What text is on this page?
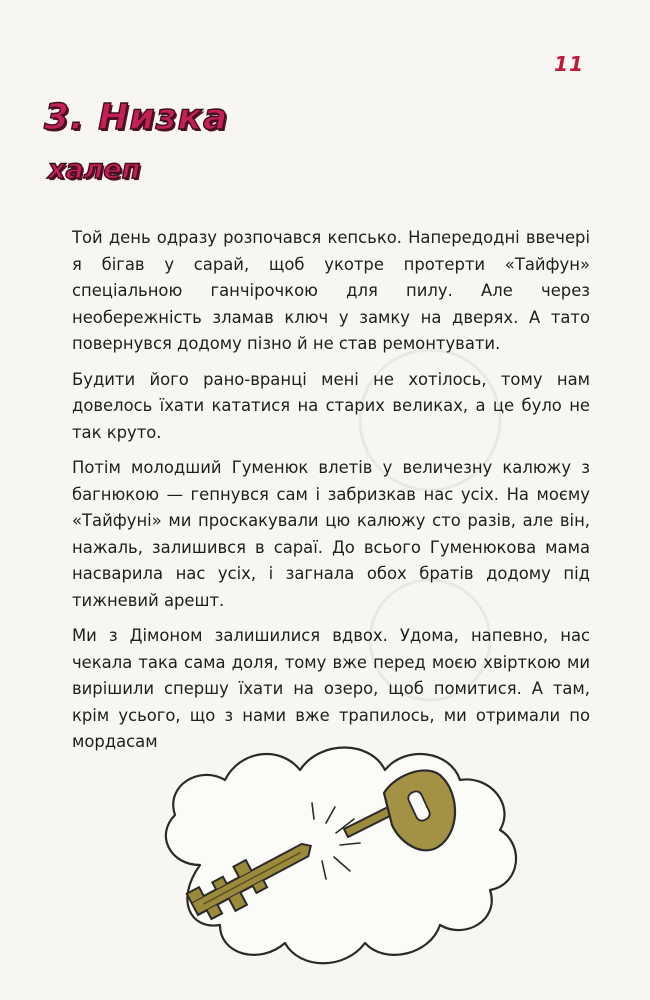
11
3. Низка
халеп

Той день одразу розпочався кепсько. Напередодні ввечері я бігав у сарай, щоб укотре протерти «Тайфун» спеціальною ганчірочкою для пилу. Але через необережність зламав ключ у замку на дверях. А тато повернувся додому пізно й не став ремонтувати.

Будити його рано-вранці мені не хотілось, тому нам довелось їхати кататися на старих великах, а це було не так круто.

Потім молодший Гуменюк влетів у величезну калюжу з багнюкою — гепнувся сам і забризкав нас усіх. На моєму «Тайфуні» ми проскакували цю калюжу сто разів, але він, нажаль, залишився в сараї. До всього Гуменюкова мама насварила нас усіх, і загнала обох братів додому під тижневий арешт.

Ми з Дімоном залишилися вдвох. Удома, напевно, нас чекала така сама доля, тому вже перед моєю хвірткою ми вирішили спершу їхати на озеро, щоб помитися. А там, крім усього, що з нами вже трапилось, ми отримали по мордасам
